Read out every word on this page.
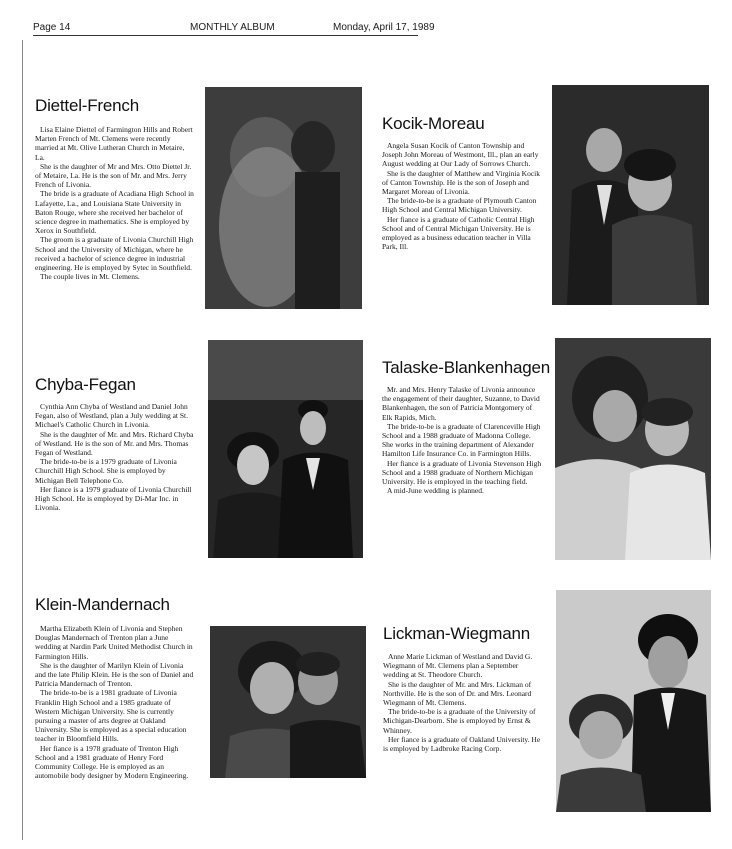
Page 14	MONTHLY ALBUM	Monday, April 17, 1989
Diettel-French

Lisa Elaine Diettel of Farmington Hills and Robert Marten French of Mt. Clemens were recently married at Mt. Olive Lutheran Church in Metaire, La.

She is the daughter of Mr and Mrs. Otto Diettel Jr. of Metaire, La. He is the son of Mr. and Mrs. Jerry French of Livonia.

The bride is a graduate of Acadiana High School in Lafayette, La., and Louisiana State University in Baton Rouge, where she received her bachelor of science degree in mathematics. She is employed by Xerox in Southfield.

The groom is a graduate of Livonia Churchill High School and the University of Michigan, where he received a bachelor of science degree in industrial engineering. He is employed by Sytec in Southfield.

The couple lives in Mt. Clemens.

Kocik-Moreau

Angela Susan Kocik of Canton Township and Joseph John Moreau of Westmont, Ill., plan an early August wedding at Our Lady of Sorrows Church.

She is the daughter of Matthew and Virginia Kocik of Canton Township. He is the son of Joseph and Margaret Moreau of Livonia.

The bride-to-be is a graduate of Plymouth Canton High School and Central Michigan University.

Her fiance is a graduate of Catholic Central High School and of Central Michigan University. He is employed as a business education teacher in Villa Park, Ill.

Chyba-Fegan

Cynthia Ann Chyba of Westland and Daniel John Fegan, also of Westland, plan a July wedding at St. Michael's Catholic Church in Livonia.

She is the daughter of Mr. and Mrs. Richard Chyba of Westland. He is the son of Mr. and Mrs. Thomas Fegan of Westland.

The bride-to-be is a 1979 graduate of Livonia Churchill High School. She is employed by Michigan Bell Telephone Co.

Her fiance is a 1979 graduate of Livonia Churchill High School. He is employed by Di-Mar Inc. in Livonia.

Talaske-Blankenhagen

Mr. and Mrs. Henry Talaske of Livonia announce the engagement of their daughter, Suzanne, to David Blankenhagen, the son of Patricia Montgomery of Elk Rapids, Mich.

The bride-to-be is a graduate of Clarenceville High School and a 1988 graduate of Madonna College. She works in the training department of Alexander Hamilton Life Insurance Co. in Farmington Hills.

Her fiance is a graduate of Livonia Stevenson High School and a 1988 graduate of Northern Michigan University. He is employed in the teaching field.

A mid-June wedding is planned.

Klein-Mandernach

Martha Elizabeth Klein of Livonia and Stephen Douglas Mandernach of Trenton plan a June wedding at Nardin Park United Methodist Church in Farmington Hills.

She is the daughter of Marilyn Klein of Livonia and the late Philip Klein. He is the son of Daniel and Patricia Mandernach of Trenton.

The bride-to-be is a 1981 graduate of Livonia Franklin High School and a 1985 graduate of Western Michigan University. She is currently pursuing a master of arts degree at Oakland University. She is employed as a special education teacher in Bloomfield Hills.

Her fiance is a 1978 graduate of Trenton High School and a 1981 graduate of Henry Ford Community College. He is employed as an automobile body designer by Modern Engineering.

Lickman-Wiegmann

Anne Marie Lickman of Westland and David G. Wiegmann of Mt. Clemens plan a September wedding at St. Theodore Church.

She is the daughter of Mr. and Mrs. Lickman of Northville. He is the son of Dr. and Mrs. Leonard Wiegmann of Mt. Clemens.

The bride-to-be is a graduate of the University of Michigan-Dearborn. She is employed by Ernst & Whinney.

Her fiance is a graduate of Oakland University. He is employed by Ladbroke Racing Corp.
